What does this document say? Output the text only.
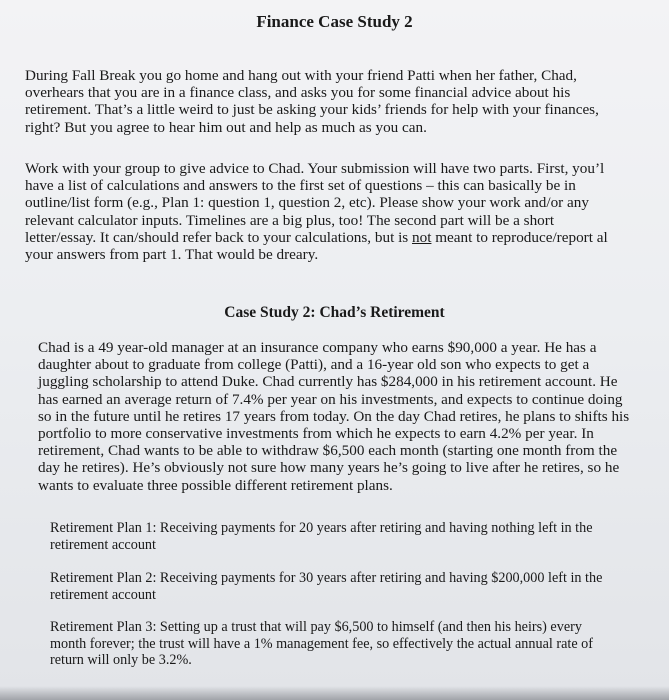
Finance Case Study 2
During Fall Break you go home and hang out with your friend Patti when her father, Chad,
overhears that you are in a finance class, and asks you for some financial advice about his
retirement. That’s a little weird to just be asking your kids’ friends for help with your finances,
right? But you agree to hear him out and help as much as you can.
Work with your group to give advice to Chad. Your submission will have two parts. First, you’l
have a list of calculations and answers to the first set of questions – this can basically be in
outline/list form (e.g., Plan 1: question 1, question 2, etc). Please show your work and/or any
relevant calculator inputs. Timelines are a big plus, too! The second part will be a short
letter/essay. It can/should refer back to your calculations, but is not meant to reproduce/report al
your answers from part 1. That would be dreary.
Case Study 2: Chad’s Retirement
Chad is a 49 year-old manager at an insurance company who earns $90,000 a year. He has a
daughter about to graduate from college (Patti), and a 16-year old son who expects to get a
juggling scholarship to attend Duke. Chad currently has $284,000 in his retirement account. He
has earned an average return of 7.4% per year on his investments, and expects to continue doing
so in the future until he retires 17 years from today. On the day Chad retires, he plans to shifts his
portfolio to more conservative investments from which he expects to earn 4.2% per year. In
retirement, Chad wants to be able to withdraw $6,500 each month (starting one month from the
day he retires). He’s obviously not sure how many years he’s going to live after he retires, so he
wants to evaluate three possible different retirement plans.
Retirement Plan 1: Receiving payments for 20 years after retiring and having nothing left in the
retirement account
Retirement Plan 2: Receiving payments for 30 years after retiring and having $200,000 left in the
retirement account
Retirement Plan 3: Setting up a trust that will pay $6,500 to himself (and then his heirs) every
month forever; the trust will have a 1% management fee, so effectively the actual annual rate of
return will only be 3.2%.
